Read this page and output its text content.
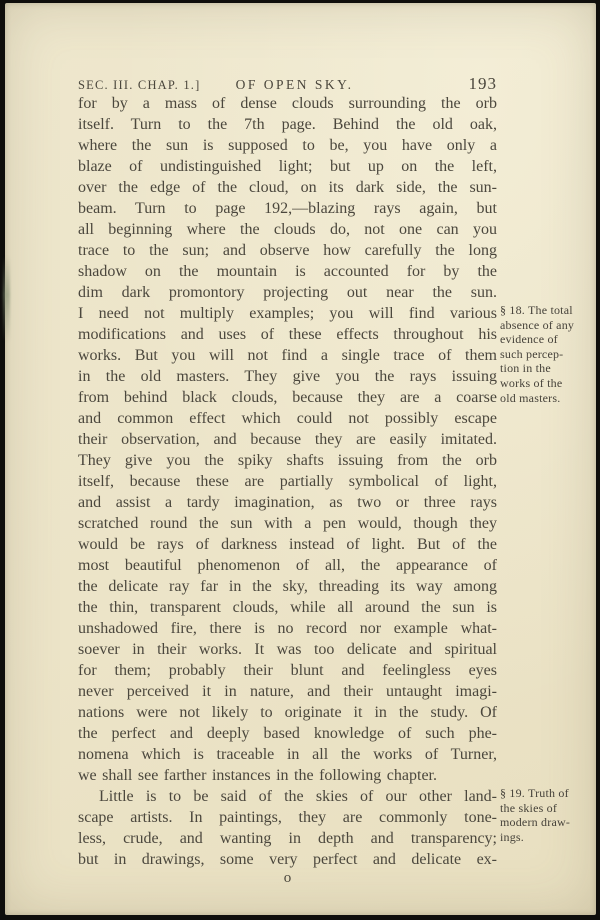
SEC. III. CHAP. 1.]	OF OPEN SKY.	193
for by a mass of dense clouds surrounding the orb
itself. Turn to the 7th page. Behind the old oak,
where the sun is supposed to be, you have only a
blaze of undistinguished light; but up on the left,
over the edge of the cloud, on its dark side, the sun-
beam. Turn to page 192,—blazing rays again, but
all beginning where the clouds do, not one can you
trace to the sun; and observe how carefully the long
shadow on the mountain is accounted for by the
dim dark promontory projecting out near the sun.
I need not multiply examples; you will find various
modifications and uses of these effects throughout his
works. But you will not find a single trace of them
in the old masters. They give you the rays issuing
from behind black clouds, because they are a coarse
and common effect which could not possibly escape
their observation, and because they are easily imitated.
They give you the spiky shafts issuing from the orb
itself, because these are partially symbolical of light,
and assist a tardy imagination, as two or three rays
scratched round the sun with a pen would, though they
would be rays of darkness instead of light. But of the
most beautiful phenomenon of all, the appearance of
the delicate ray far in the sky, threading its way among
the thin, transparent clouds, while all around the sun is
unshadowed fire, there is no record nor example what-
soever in their works. It was too delicate and spiritual
for them; probably their blunt and feelingless eyes
never perceived it in nature, and their untaught imagi-
nations were not likely to originate it in the study. Of
the perfect and deeply based knowledge of such phe-
nomena which is traceable in all the works of Turner,
we shall see farther instances in the following chapter.
Little is to be said of the skies of our other land-
scape artists. In paintings, they are commonly tone-
less, crude, and wanting in depth and transparency;
but in drawings, some very perfect and delicate ex-
§ 18. The total
absence of any
evidence of
such percep-
tion in the
works of the
old masters.
§ 19. Truth of
the skies of
modern draw-
ings.
o
